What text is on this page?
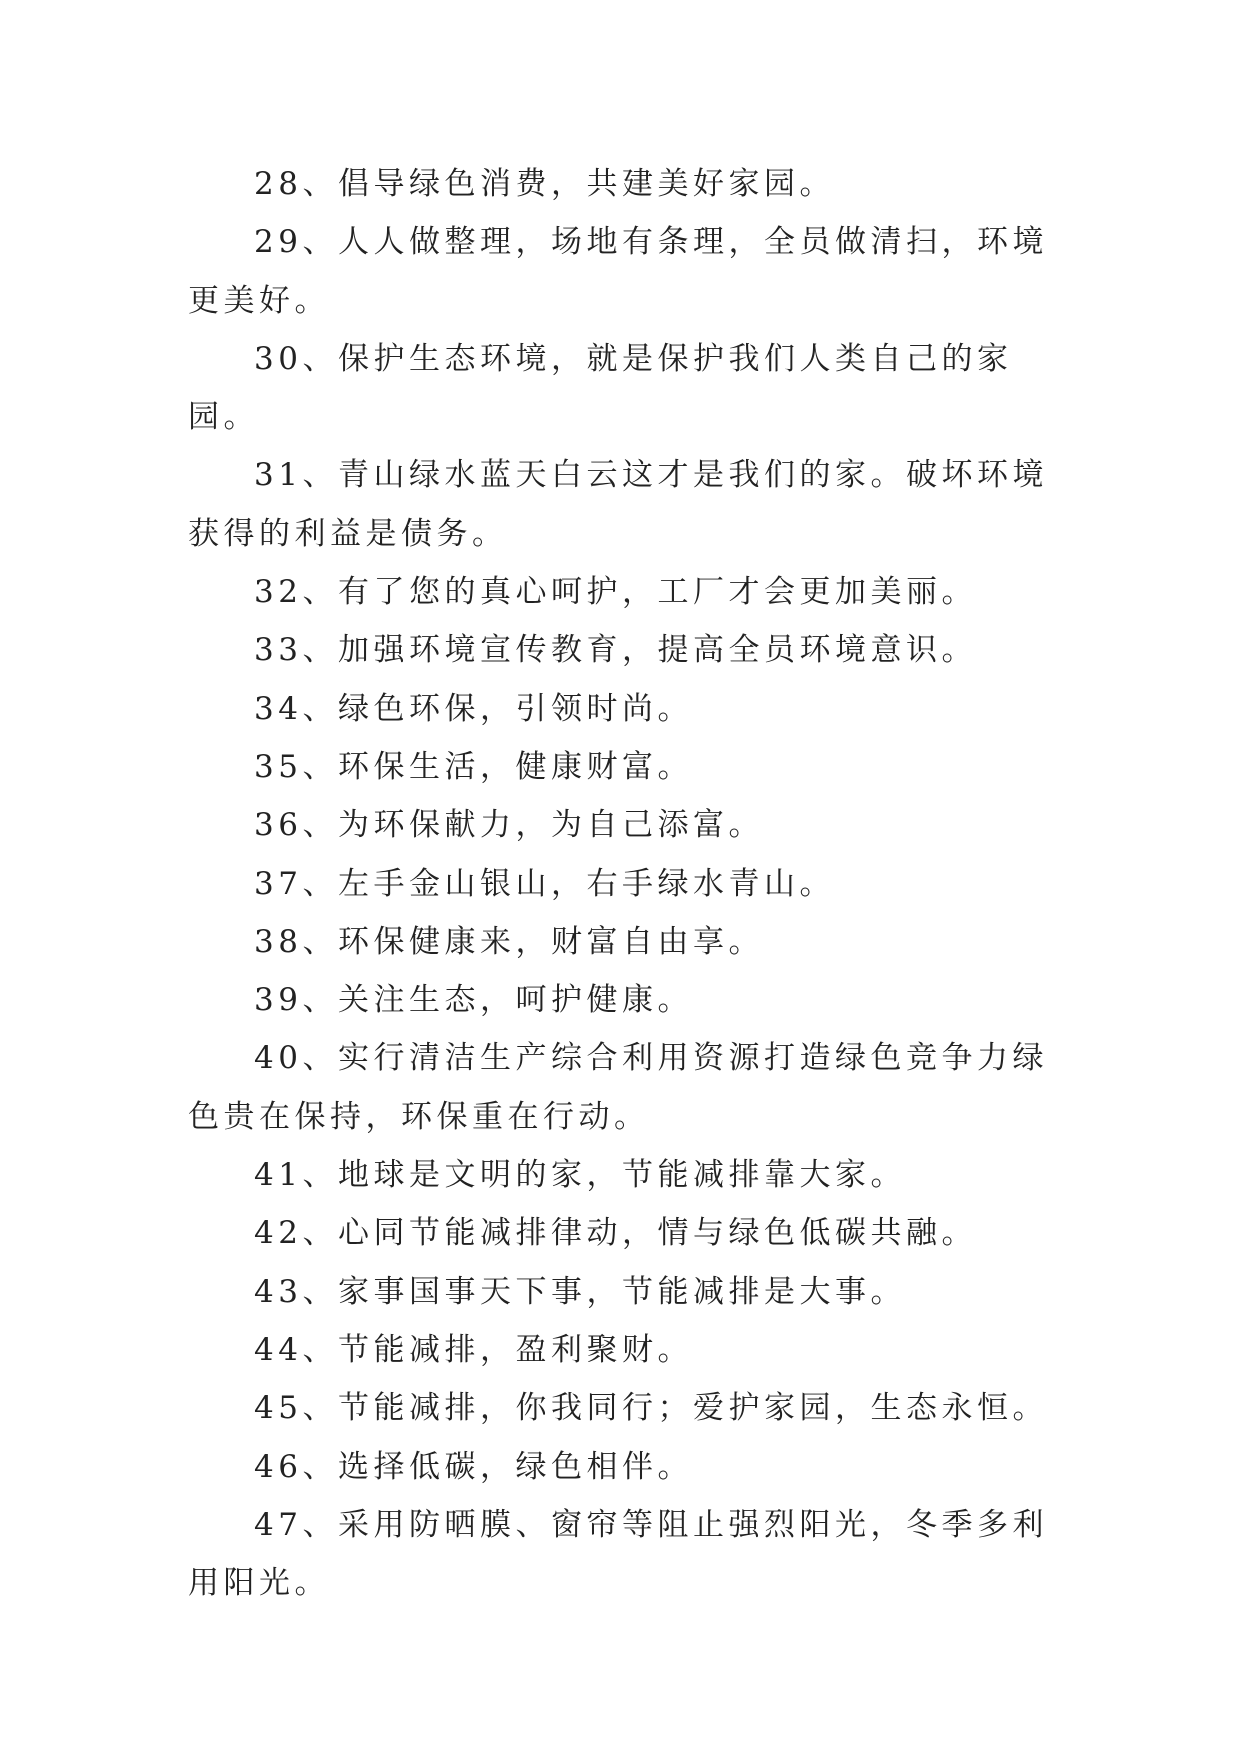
28、倡导绿色消费，共建美好家园。

29、人人做整理，场地有条理，全员做清扫，环境更美好。

30、保护生态环境，就是保护我们人类自己的家园。

31、青山绿水蓝天白云这才是我们的家。破坏环境获得的利益是债务。

32、有了您的真心呵护，工厂才会更加美丽。

33、加强环境宣传教育，提高全员环境意识。

34、绿色环保，引领时尚。

35、环保生活，健康财富。

36、为环保献力，为自己添富。

37、左手金山银山，右手绿水青山。

38、环保健康来，财富自由享。

39、关注生态，呵护健康。

40、实行清洁生产综合利用资源打造绿色竞争力绿色贵在保持，环保重在行动。

41、地球是文明的家，节能减排靠大家。

42、心同节能减排律动，情与绿色低碳共融。

43、家事国事天下事，节能减排是大事。

44、节能减排，盈利聚财。

45、节能减排，你我同行；爱护家园，生态永恒。

46、选择低碳，绿色相伴。

47、采用防晒膜、窗帘等阻止强烈阳光，冬季多利用阳光。
